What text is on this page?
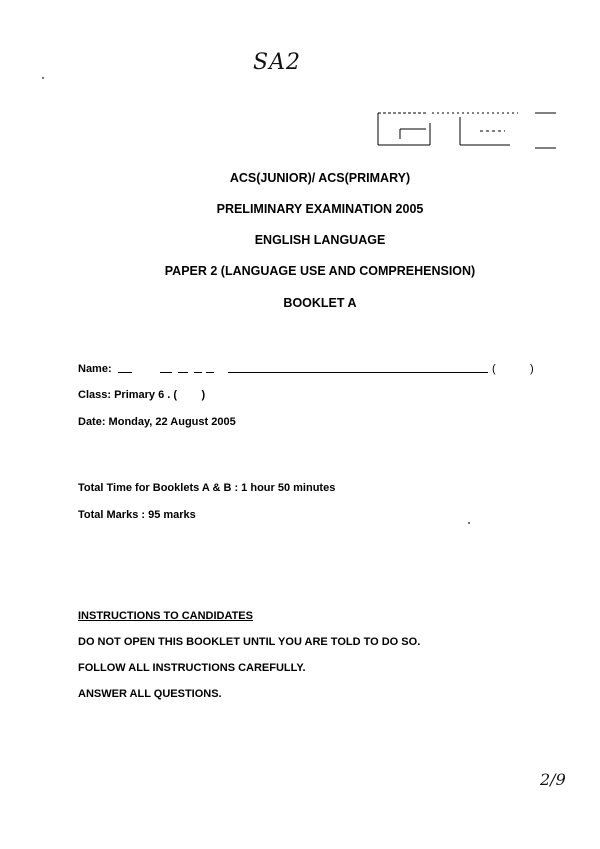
SA2
2/9
ACS(JUNIOR)/ ACS(PRIMARY)
PRELIMINARY EXAMINATION 2005
ENGLISH LANGUAGE
PAPER 2 (LANGUAGE USE AND COMPREHENSION)
BOOKLET A
Name:	(	)
Class: Primary 6 . (        )
Date: Monday, 22 August 2005
Total Time for Booklets A & B : 1 hour 50 minutes
Total Marks : 95 marks
INSTRUCTIONS TO CANDIDATES
DO NOT OPEN THIS BOOKLET UNTIL YOU ARE TOLD TO DO SO.
FOLLOW ALL INSTRUCTIONS CAREFULLY.
ANSWER ALL QUESTIONS.
